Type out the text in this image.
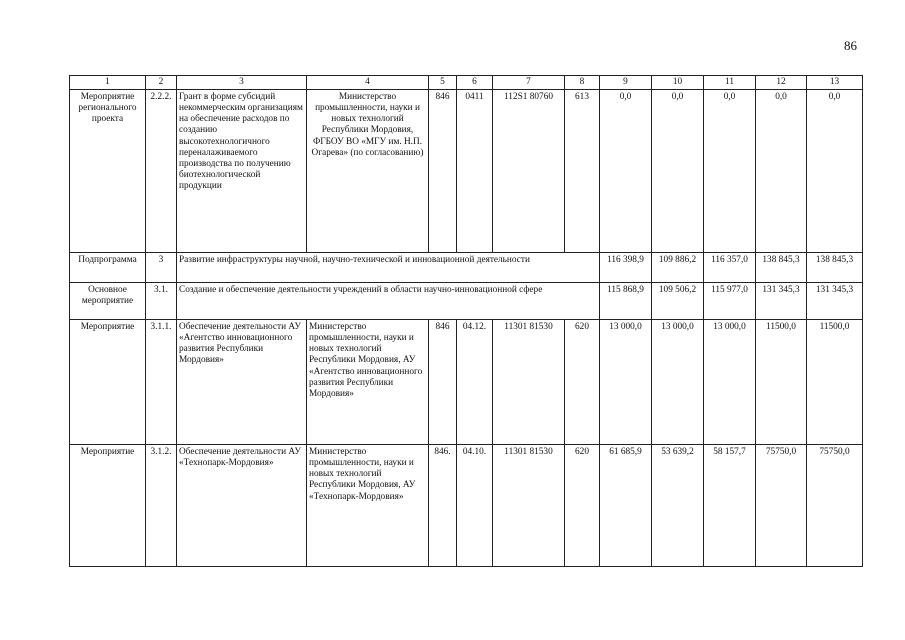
86
1	2	3	4	5	6	7	8	9	10	11	12	13
Мероприятие регионального проекта	2.2.2.	Грант в форме субсидий некоммерческим организациям на обеспечение расходов по созданию высокотехнологичного переналаживаемого производства по получению биотехнологической продукции	Министерство промышленности, науки и новых технологий Республики Мордовия, ФГБОУ ВО «МГУ им. Н.П. Огарева» (по согласованию)	846	0411	112S1 80760	613	0,0	0,0	0,0	0,0	0,0
Подпрограмма	3	Развитие инфраструктуры научной, научно-технической и инновационной деятельности						116 398,9	109 886,2	116 357,0	138 845,3	138 845,3
Основное мероприятие	3.1.	Создание и обеспечение деятельности учреждений в области научно-инновационной сфере						115 868,9	109 506,2	115 977,0	131 345,3	131 345,3
Мероприятие	3.1.1.	Обеспечение деятельности АУ «Агентство инновационного развития Республики Мордовия»	Министерство промышленности, науки и новых технологий Республики Мордовия, АУ «Агентство инновационного развития Республики Мордовия»	846	04.12.	11301 81530	620	13 000,0	13 000,0	13 000,0	11500,0	11500,0
Мероприятие	3.1.2.	Обеспечение деятельности АУ «Технопарк-Мордовия»	Министерство промышленности, науки и новых технологий Республики Мордовия, АУ «Технопарк-Мордовия»	846.	04.10.	11301 81530	620	61 685,9	53 639,2	58 157,7	75750,0	75750,0
